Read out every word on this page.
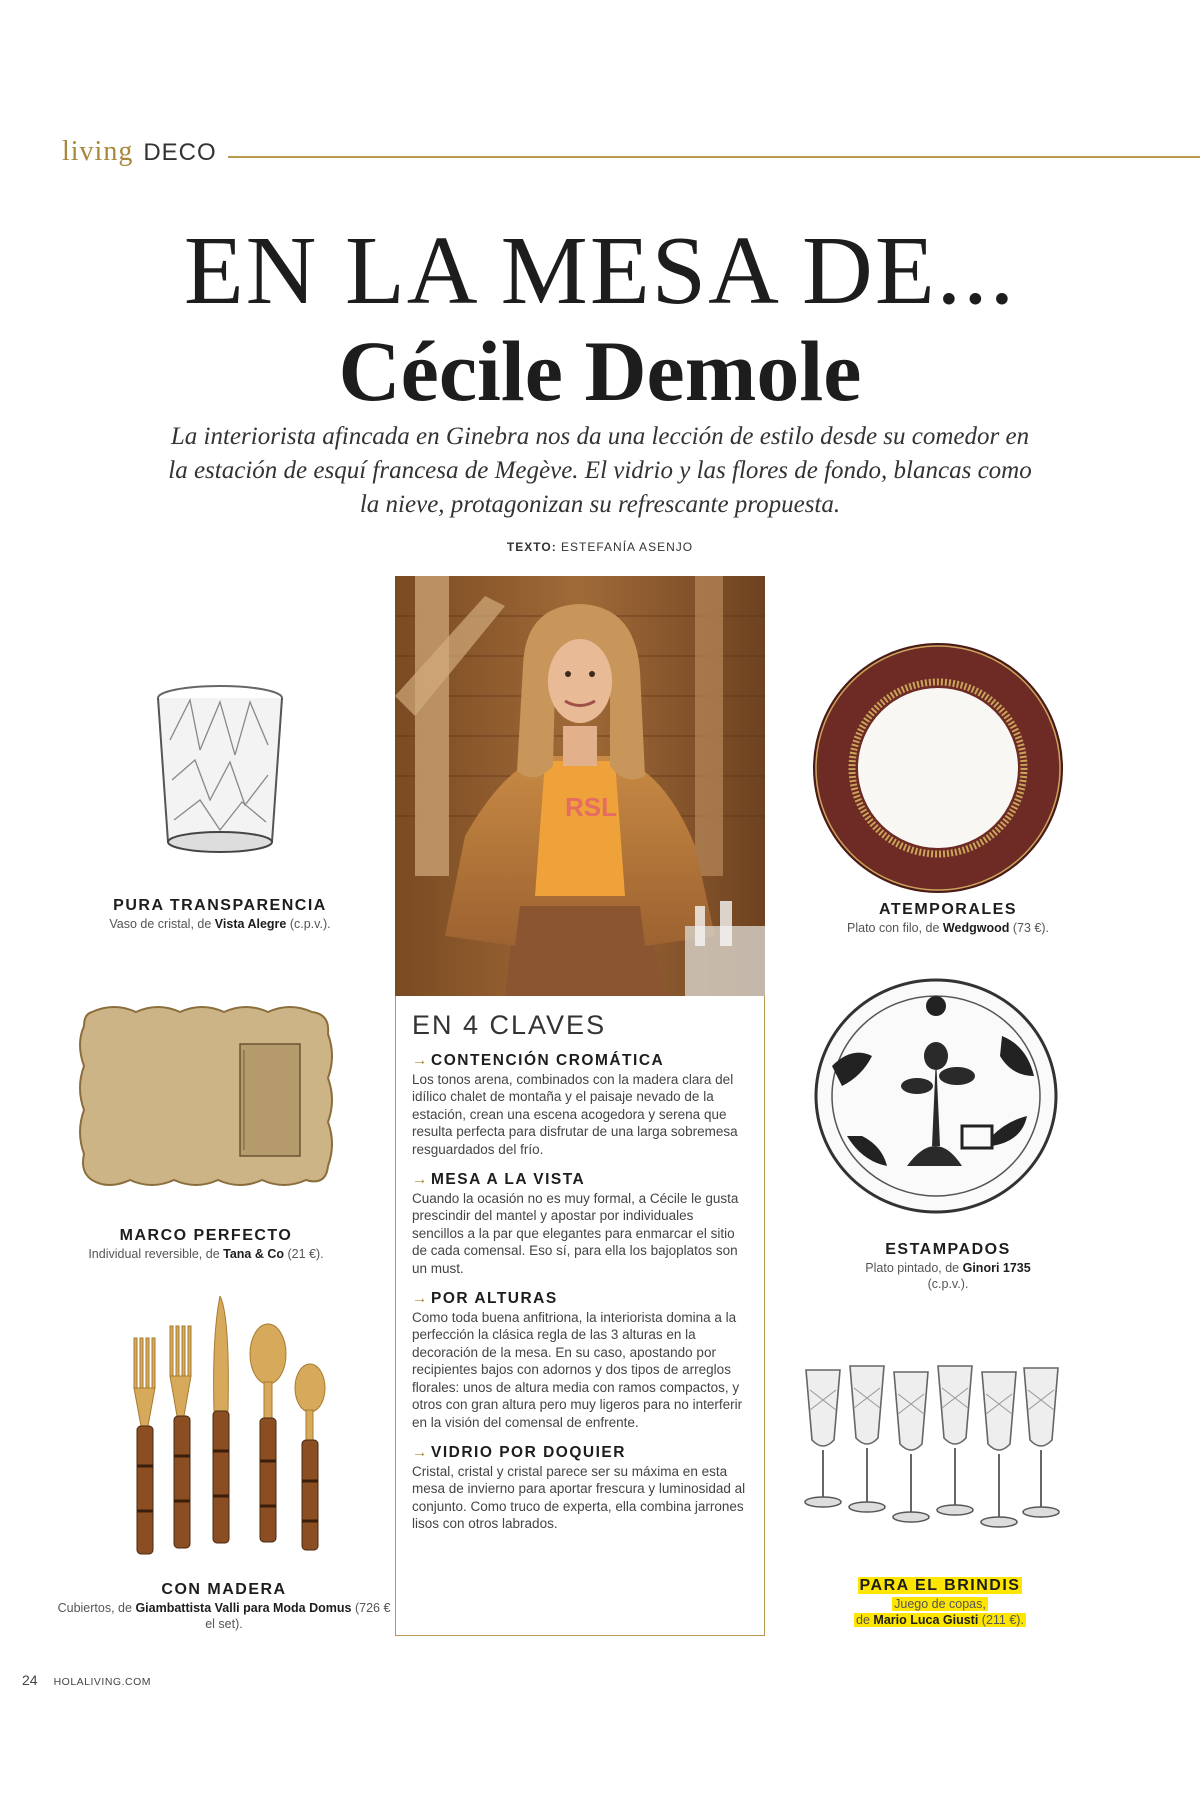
living DECO
EN LA MESA DE...
Cécile Demole

La interiorista afincada en Ginebra nos da una lección de estilo desde su comedor en la estación de esquí francesa de Megève. El vidrio y las flores de fondo, blancas como la nieve, protagonizan su refrescante propuesta.

TEXTO: ESTEFANÍA ASENJO
RSL
EN 4 CLAVES
→ CONTENCIÓN CROMÁTICA
Los tonos arena, combinados con la madera clara del idílico chalet de montaña y el paisaje nevado de la estación, crean una escena acogedora y serena que resulta perfecta para disfrutar de una larga sobremesa resguardados del frío.
→ MESA A LA VISTA
Cuando la ocasión no es muy formal, a Cécile le gusta prescindir del mantel y apostar por individuales sencillos a la par que elegantes para enmarcar el sitio de cada comensal. Eso sí, para ella los bajoplatos son un must.
→ POR ALTURAS
Como toda buena anfitriona, la interiorista domina a la perfección la clásica regla de las 3 alturas en la decoración de la mesa. En su caso, apostando por recipientes bajos con adornos y dos tipos de arreglos florales: unos de altura media con ramos compactos, y otros con gran altura pero muy ligeros para no interferir en la visión del comensal de enfrente.
→ VIDRIO POR DOQUIER
Cristal, cristal y cristal parece ser su máxima en esta mesa de invierno para aportar frescura y luminosidad al conjunto. Como truco de experta, ella combina jarrones lisos con otros labrados.
PURA TRANSPARENCIA
Vaso de cristal, de Vista Alegre (c.p.v.).
MARCO PERFECTO
Individual reversible, de Tana & Co (21 €).
CON MADERA
Cubiertos, de Giambattista Valli para Moda Domus (726 € el set).
ATEMPORALES
Plato con filo, de Wedgwood (73 €).
ESTAMPADOS
Plato pintado, de Ginori 1735
(c.p.v.).
PARA EL BRINDIS
Juego de copas,
de Mario Luca Giusti (211 €).
24 HOLALIVING.COM
